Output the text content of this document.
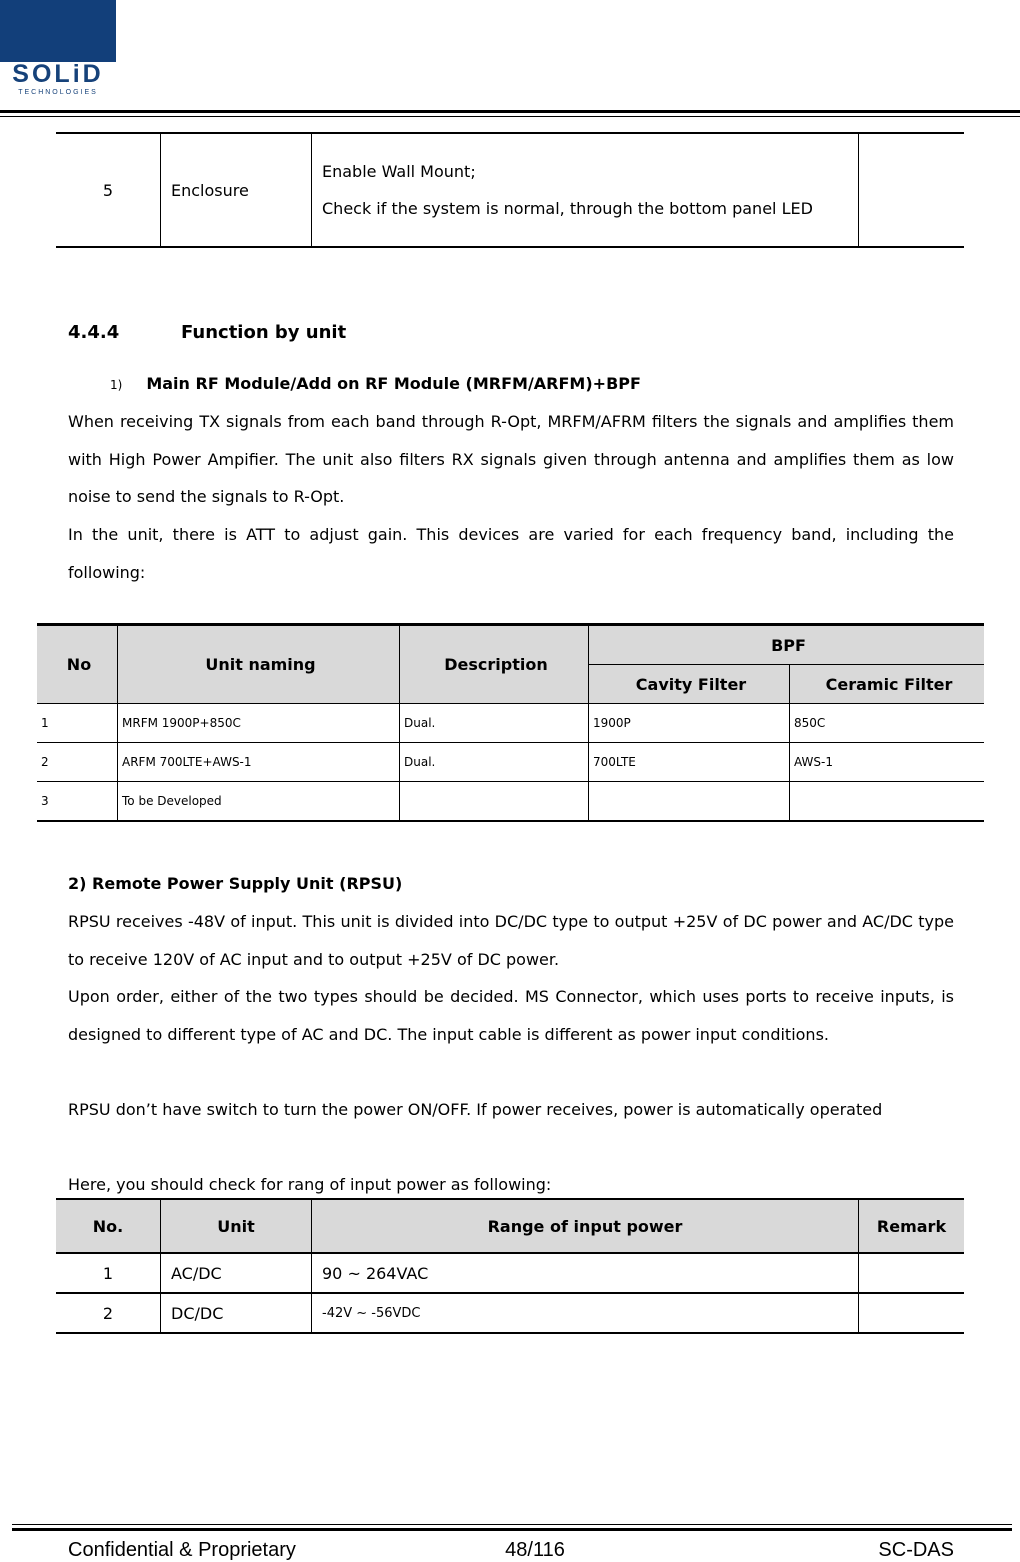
SOLiD
TECHNOLOGIES
5	Enclosure	
Enable Wall Mount;
Check if the system is normal, through the bottom panel LED

4.4.4	Function by unit
1) Main RF Module/Add on RF Module (MRFM/ARFM)+BPF
When receiving TX signals from each band through R-Opt, MRFM/AFRM filters the signals and amplifies them with High Power Ampifier. The unit also filters RX signals given through antenna and amplifies them as low noise to send the signals to R-Opt.
In the unit, there is ATT to adjust gain. This devices are varied for each frequency band, including the following:
No	Unit naming	Description	BPF	
			Cavity Filter	Ceramic Filter
1	MRFM 1900P+850C	Dual.	1900P	850C
2	ARFM 700LTE+AWS-1	Dual.	700LTE	AWS-1
3	To be Developed			
2) Remote Power Supply Unit (RPSU)
RPSU receives -48V of input. This unit is divided into DC/DC type to output +25V of DC power and AC/DC type to receive 120V of AC input and to output +25V of DC power.
Upon order, either of the two types should be decided. MS Connector, which uses ports to receive inputs, is designed to different type of AC and DC. The input cable is different as power input conditions.
RPSU don’t have switch to turn the power ON/OFF. If power receives, power is automatically operated
Here, you should check for rang of input power as following:
No.	Unit	Range of input power	Remark
1	AC/DC	90 ~ 264VAC	
2	DC/DC	-42V ~ -56VDC	
Confidential & Proprietary	48/116	SC-DAS
